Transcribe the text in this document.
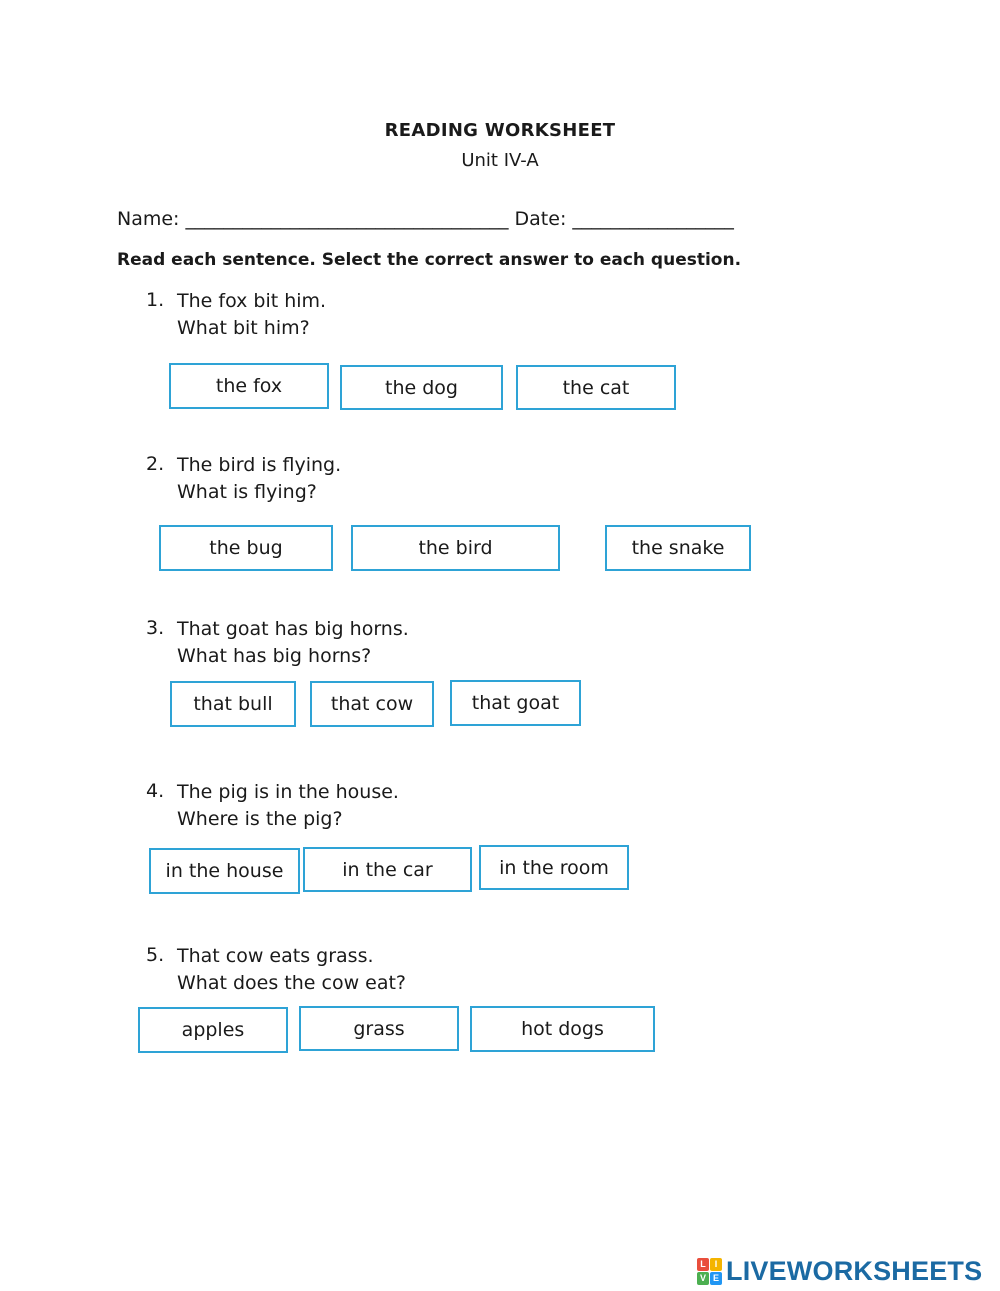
READING WORKSHEET
Unit IV-A
Name: __________________________________ Date: _________________
Read each sentence. Select the correct answer to each question.
1. The fox bit him.
What bit him?
the fox	the dog	the cat
2. The bird is flying.
What is flying?
the bug	the bird	the snake
3. That goat has big horns.
What has big horns?
that bull	that cow	that goat
4. The pig is in the house.
Where is the pig?
in the house	in the car	in the room
5. That cow eats grass.
What does the cow eat?
apples	grass	hot dogs
L I
V E LIVEWORKSHEETS
